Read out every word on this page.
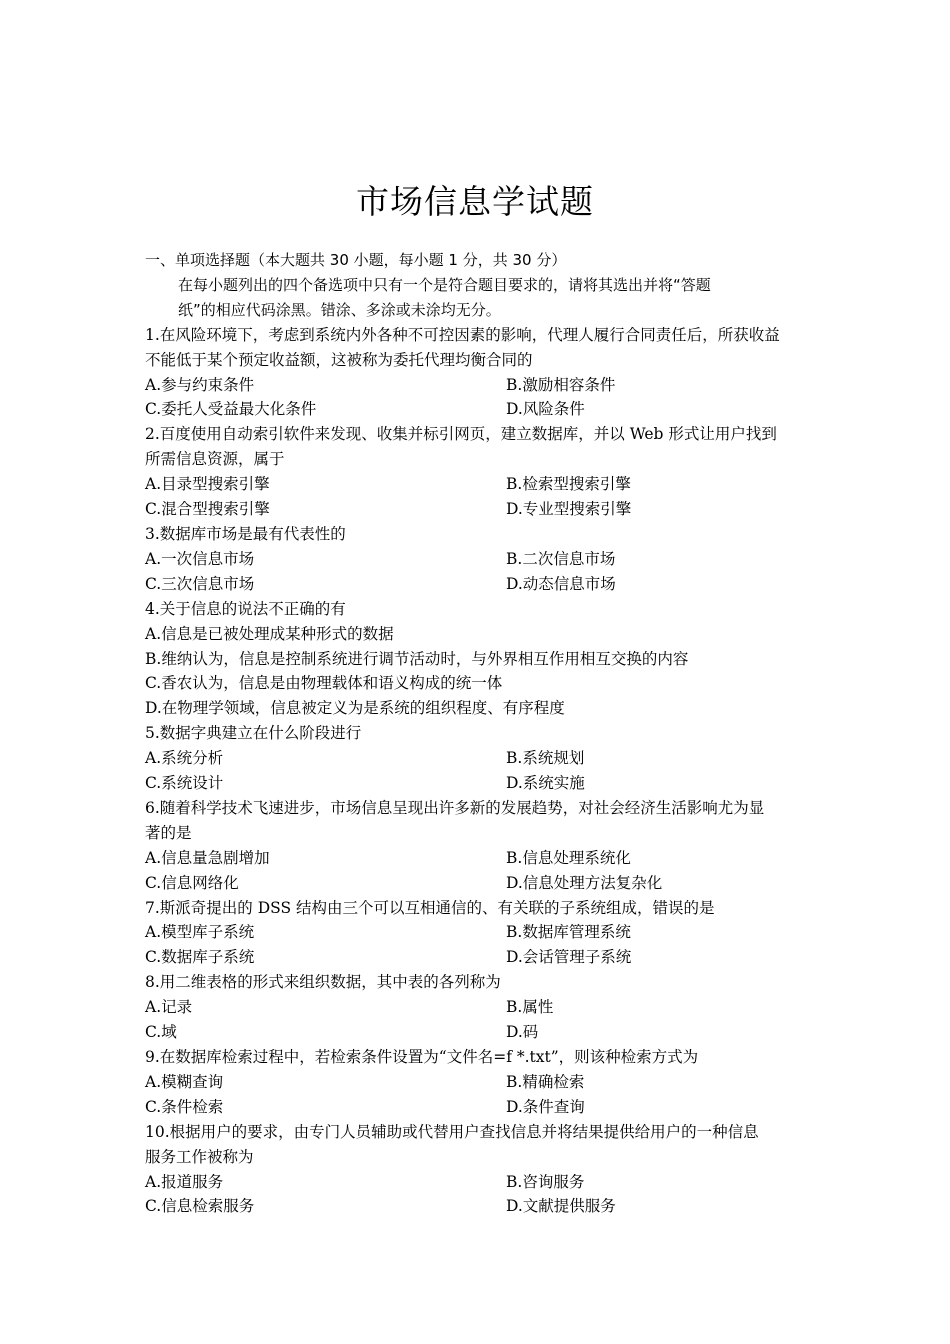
市场信息学试题
一、单项选择题（本大题共 30 小题，每小题 1 分，共 30 分）
在每小题列出的四个备选项中只有一个是符合题目要求的，请将其选出并将“答题
纸”的相应代码涂黑。错涂、多涂或未涂均无分。
1.在风险环境下，考虑到系统内外各种不可控因素的影响，代理人履行合同责任后，所获收益
不能低于某个预定收益额，这被称为委托代理均衡合同的
A.参与约束条件	B.激励相容条件
C.委托人受益最大化条件	D.风险条件
2.百度使用自动索引软件来发现、收集并标引网页，建立数据库，并以 Web 形式让用户找到
所需信息资源，属于
A.目录型搜索引擎	B.检索型搜索引擎
C.混合型搜索引擎	D.专业型搜索引擎
3.数据库市场是最有代表性的
A.一次信息市场	B.二次信息市场
C.三次信息市场	D.动态信息市场
4.关于信息的说法不正确的有
A.信息是已被处理成某种形式的数据
B.维纳认为，信息是控制系统进行调节活动时，与外界相互作用相互交换的内容
C.香农认为，信息是由物理载体和语义构成的统一体
D.在物理学领域，信息被定义为是系统的组织程度、有序程度
5.数据字典建立在什么阶段进行
A.系统分析	B.系统规划
C.系统设计	D.系统实施
6.随着科学技术飞速进步，市场信息呈现出许多新的发展趋势，对社会经济生活影响尤为显
著的是
A.信息量急剧增加	B.信息处理系统化
C.信息网络化	D.信息处理方法复杂化
7.斯派奇提出的 DSS 结构由三个可以互相通信的、有关联的子系统组成，错误的是
A.模型库子系统	B.数据库管理系统
C.数据库子系统	D.会话管理子系统
8.用二维表格的形式来组织数据，其中表的各列称为
A.记录	B.属性
C.域	D.码
9.在数据库检索过程中，若检索条件设置为“文件名=f *.txt”，则该种检索方式为
A.模糊查询	B.精确检索
C.条件检索	D.条件查询
10.根据用户的要求，由专门人员辅助或代替用户查找信息并将结果提供给用户的一种信息
服务工作被称为
A.报道服务	B.咨询服务
C.信息检索服务	D.文献提供服务
